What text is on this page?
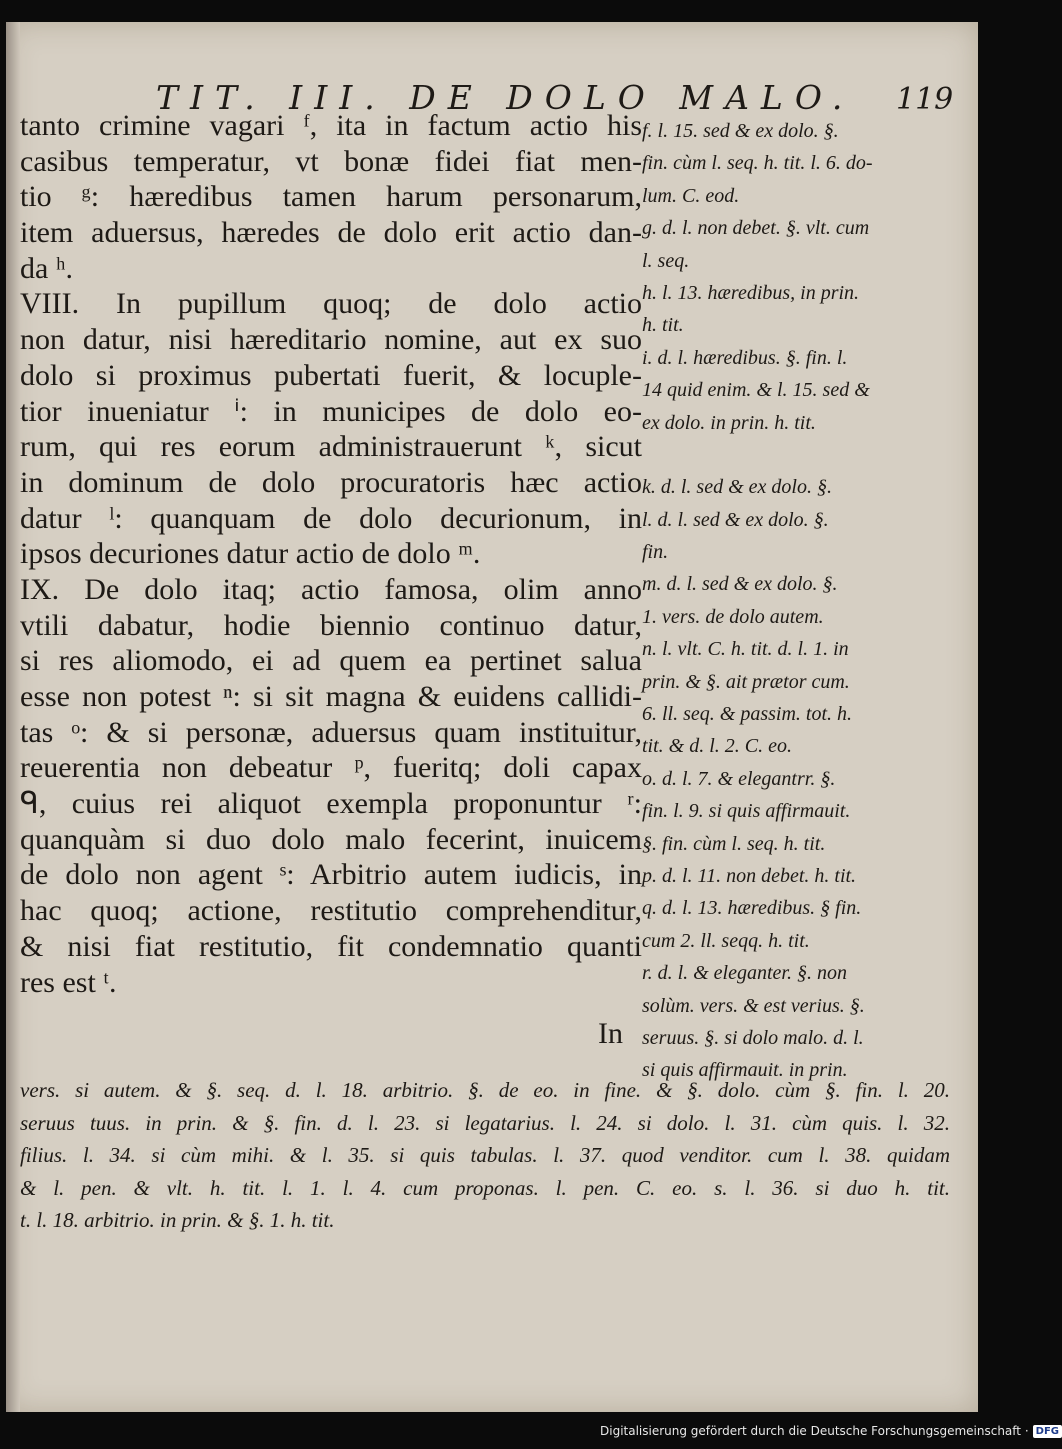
TIT. III. DE DOLO MALO. 119
tanto crimine vagari ᶠ, ita in factum actio his
casibus temperatur, vt bonæ fidei fiat men-
tio ᵍ: hæredibus tamen harum personarum,
item aduersus, hæredes de dolo erit actio dan-
da ʰ.
VIII. In pupillum quoq; de dolo actio
non datur, nisi hæreditario nomine, aut ex suo
dolo si proximus pubertati fuerit, & locuple-
tior inueniatur ⁱ: in municipes de dolo eo-
rum, qui res eorum administrauerunt ᵏ, sicut
in dominum de dolo procuratoris hæc actio
datur ˡ: quanquam de dolo decurionum, in
ipsos decuriones datur actio de dolo ᵐ.
IX. De dolo itaq; actio famosa, olim anno
vtili dabatur, hodie biennio continuo datur,
si res aliomodo, ei ad quem ea pertinet salua
esse non potest ⁿ: si sit magna & euidens callidi-
tas ᵒ: & si personæ, aduersus quam instituitur,
reuerentia non debeatur ᵖ, fueritq; doli capax
ᑫ, cuius rei aliquot exempla proponuntur ʳ:
quanquàm si duo dolo malo fecerint, inuicem
de dolo non agent ˢ: Arbitrio autem iudicis, in
hac quoq; actione, restitutio comprehenditur,
& nisi fiat restitutio, fit condemnatio quanti
res est ᵗ.
f. l. 15. sed & ex dolo. §.
fin. cùm l. seq. h. tit. l. 6. do-
lum. C. eod.
g. d. l. non debet. §. vlt. cum
l. seq.
h. l. 13. hæredibus, in prin.
h. tit.
i. d. l. hæredibus. §. fin. l.
14 quid enim. & l. 15. sed &
ex dolo. in prin. h. tit.
k. d. l. sed & ex dolo. §.
l. d. l. sed & ex dolo. §.
fin.
m. d. l. sed & ex dolo. §.
1. vers. de dolo autem.
n. l. vlt. C. h. tit. d. l. 1. in
prin. & §. ait prætor cum.
6. ll. seq. & passim. tot. h.
tit. & d. l. 2. C. eo.
o. d. l. 7. & elegantrr. §.
fin. l. 9. si quis affirmauit.
§. fin. cùm l. seq. h. tit.
p. d. l. 11. non debet. h. tit.
q. d. l. 13. hæredibus. § fin.
cum 2. ll. seqq. h. tit.
r. d. l. & eleganter. §. non
solùm. vers. & est verius. §.
seruus. §. si dolo malo. d. l.
si quis affirmauit. in prin.
In
vers. si autem. & §. seq. d. l. 18. arbitrio. §. de eo. in fine. & §. dolo. cùm §. fin. l. 20.
seruus tuus. in prin. & §. fin. d. l. 23. si legatarius. l. 24. si dolo. l. 31. cùm quis. l. 32.
filius. l. 34. si cùm mihi. & l. 35. si quis tabulas. l. 37. quod venditor. cum l. 38. quidam
& l. pen. & vlt. h. tit. l. 1. l. 4. cum proponas. l. pen. C. eo. s. l. 36. si duo h. tit.
t. l. 18. arbitrio. in prin. & §. 1. h. tit.
Digitalisierung gefördert durch die Deutsche Forschungsgemeinschaft · DFG
